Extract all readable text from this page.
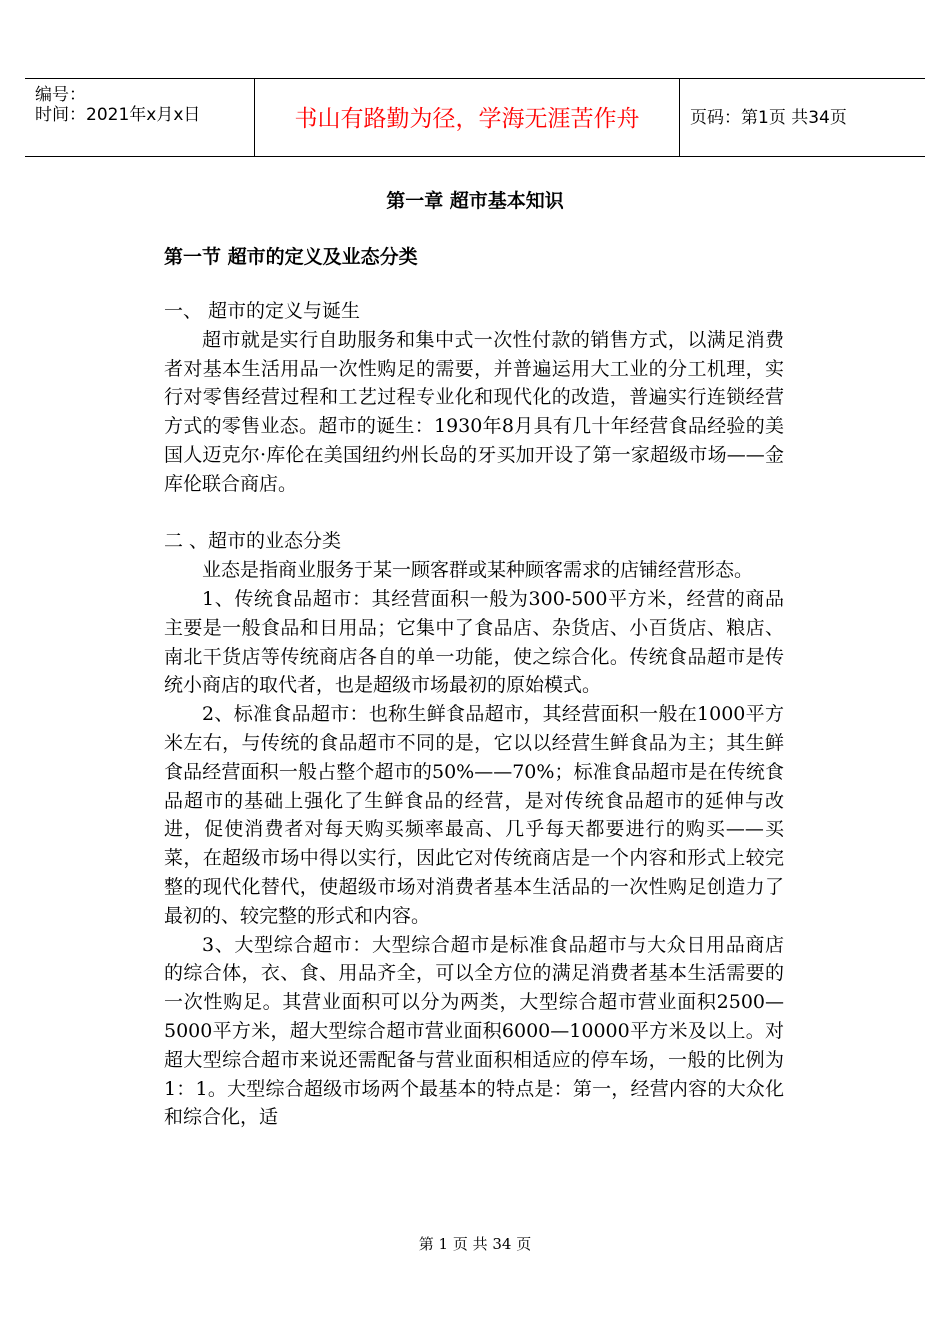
编号：
时间：2021年x月x日	书山有路勤为径，学海无涯苦作舟	页码：第1页 共34页
第一章 超市基本知识
第一节 超市的定义及业态分类

一、 超市的定义与诞生

超市就是实行自助服务和集中式一次性付款的销售方式，以满足消费者对基本生活用品一次性购足的需要，并普遍运用大工业的分工机理，实行对零售经营过程和工艺过程专业化和现代化的改造，普遍实行连锁经营方式的零售业态。超市的诞生：1930年8月具有几十年经营食品经验的美国人迈克尔·库伦在美国纽约州长岛的牙买加开设了第一家超级市场——金库伦联合商店。

二 、超市的业态分类

业态是指商业服务于某一顾客群或某种顾客需求的店铺经营形态。

1、传统食品超市：其经营面积一般为300-500平方米，经营的商品主要是一般食品和日用品；它集中了食品店、杂货店、小百货店、粮店、南北干货店等传统商店各自的单一功能，使之综合化。传统食品超市是传统小商店的取代者，也是超级市场最初的原始模式。

2、标准食品超市：也称生鲜食品超市，其经营面积一般在1000平方米左右，与传统的食品超市不同的是，它以以经营生鲜食品为主；其生鲜食品经营面积一般占整个超市的50%——70%；标准食品超市是在传统食品超市的基础上强化了生鲜食品的经营，是对传统食品超市的延伸与改进，促使消费者对每天购买频率最高、几乎每天都要进行的购买——买菜，在超级市场中得以实行，因此它对传统商店是一个内容和形式上较完整的现代化替代，使超级市场对消费者基本生活品的一次性购足创造力了最初的、较完整的形式和内容。

3、大型综合超市：大型综合超市是标准食品超市与大众日用品商店的综合体，衣、食、用品齐全，可以全方位的满足消费者基本生活需要的一次性购足。其营业面积可以分为两类，大型综合超市营业面积2500—5000平方米，超大型综合超市营业面积6000—10000平方米及以上。对超大型综合超市来说还需配备与营业面积相适应的停车场，一般的比例为1：1。大型综合超级市场两个最基本的特点是：第一，经营内容的大众化和综合化，适

第 1 页 共 34 页
